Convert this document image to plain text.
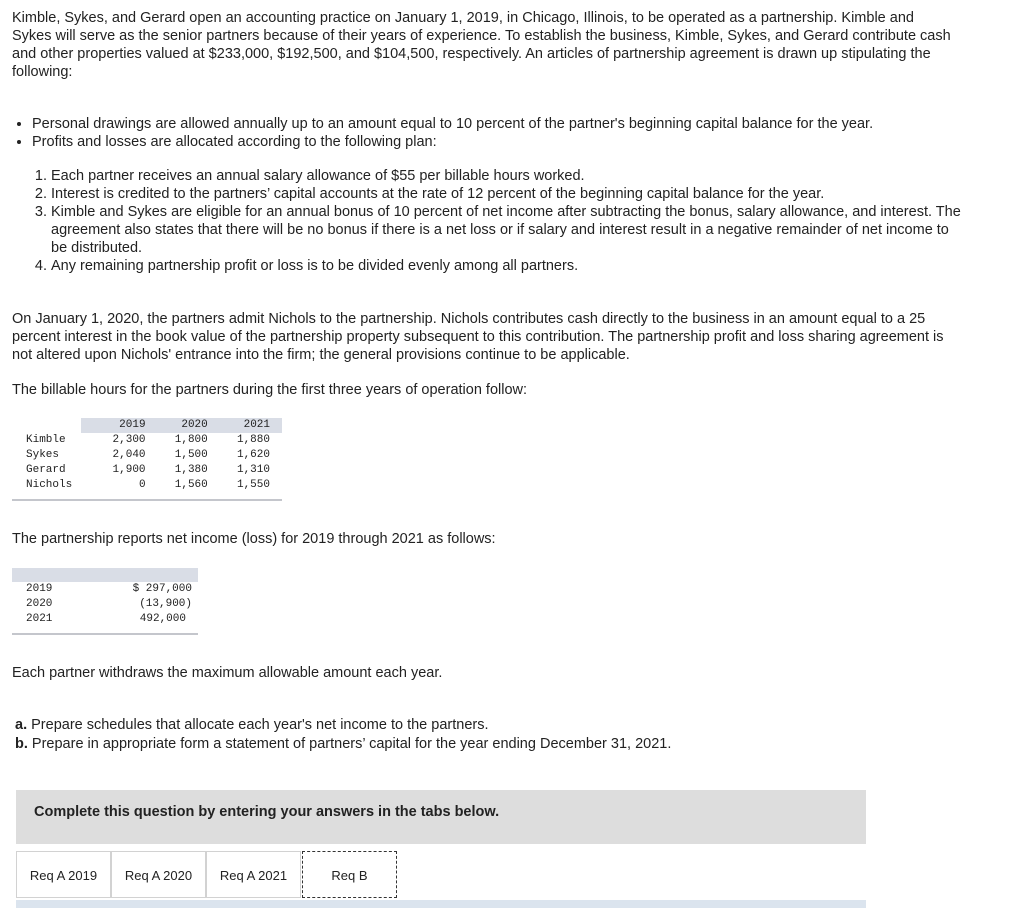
Kimble, Sykes, and Gerard open an accounting practice on January 1, 2019, in Chicago, Illinois, to be operated as a partnership. Kimble and Sykes will serve as the senior partners because of their years of experience. To establish the business, Kimble, Sykes, and Gerard contribute cash and other properties valued at $233,000, $192,500, and $104,500, respectively. An articles of partnership agreement is drawn up stipulating the following:

• Personal drawings are allowed annually up to an amount equal to 10 percent of the partner's beginning capital balance for the year.
• Profits and losses are allocated according to the following plan:
1. Each partner receives an annual salary allowance of $55 per billable hours worked.
2. Interest is credited to the partners’ capital accounts at the rate of 12 percent of the beginning capital balance for the year.
3. Kimble and Sykes are eligible for an annual bonus of 10 percent of net income after subtracting the bonus, salary allowance, and interest. The agreement also states that there will be no bonus if there is a net loss or if salary and interest result in a negative remainder of net income to be distributed.
4. Any remaining partnership profit or loss is to be divided evenly among all partners.

On January 1, 2020, the partners admit Nichols to the partnership. Nichols contributes cash directly to the business in an amount equal to a 25 percent interest in the book value of the partnership property subsequent to this contribution. The partnership profit and loss sharing agreement is not altered upon Nichols' entrance into the firm; the general provisions continue to be applicable.

The billable hours for the partners during the first three years of operation follow:

	2019	2020	2021
Kimble	2,300	1,800	1,880
Sykes	2,040	1,500	1,620
Gerard	1,900	1,380	1,310
Nichols	0	1,560	1,550

The partnership reports net income (loss) for 2019 through 2021 as follows:

2019	$ 297,000
2020	(13,900)
2021	492,000

Each partner withdraws the maximum allowable amount each year.

a. Prepare schedules that allocate each year's net income to the partners.

b. Prepare in appropriate form a statement of partners’ capital for the year ending December 31, 2021.

Complete this question by entering your answers in the tabs below.
Req A 2019	Req A 2020	Req A 2021	Req B
